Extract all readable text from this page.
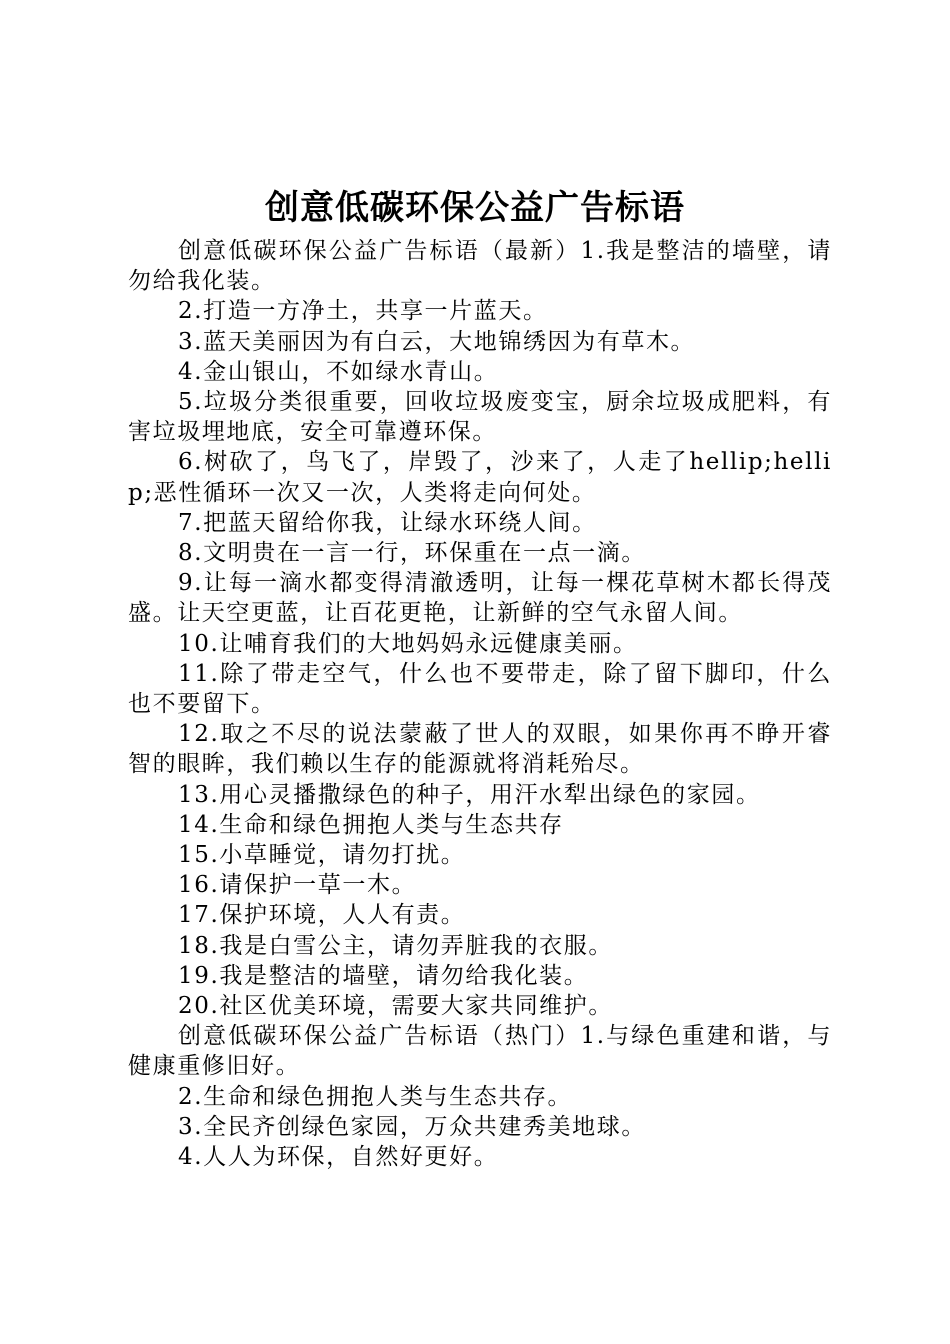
创意低碳环保公益广告标语

创意低碳环保公益广告标语（最新）1.我是整洁的墙壁，请勿给我化装。

2.打造一方净土，共享一片蓝天。

3.蓝天美丽因为有白云，大地锦绣因为有草木。

4.金山银山，不如绿水青山。

5.垃圾分类很重要，回收垃圾废变宝，厨余垃圾成肥料，有害垃圾埋地底，安全可靠遵环保。

6.树砍了，鸟飞了，岸毁了，沙来了，人走了hellip;hellip;恶性循环一次又一次，人类将走向何处。

7.把蓝天留给你我，让绿水环绕人间。

8.文明贵在一言一行，环保重在一点一滴。

9.让每一滴水都变得清澈透明，让每一棵花草树木都长得茂盛。让天空更蓝，让百花更艳，让新鲜的空气永留人间。

10.让哺育我们的大地妈妈永远健康美丽。

11.除了带走空气，什么也不要带走，除了留下脚印，什么也不要留下。

12.取之不尽的说法蒙蔽了世人的双眼，如果你再不睁开睿智的眼眸，我们赖以生存的能源就将消耗殆尽。

13.用心灵播撒绿色的种子，用汗水犁出绿色的家园。

14.生命和绿色拥抱人类与生态共存

15.小草睡觉，请勿打扰。

16.请保护一草一木。

17.保护环境，人人有责。

18.我是白雪公主，请勿弄脏我的衣服。

19.我是整洁的墙壁，请勿给我化装。

20.社区优美环境，需要大家共同维护。

创意低碳环保公益广告标语（热门）1.与绿色重建和谐，与健康重修旧好。

2.生命和绿色拥抱人类与生态共存。

3.全民齐创绿色家园，万众共建秀美地球。

4.人人为环保，自然好更好。
